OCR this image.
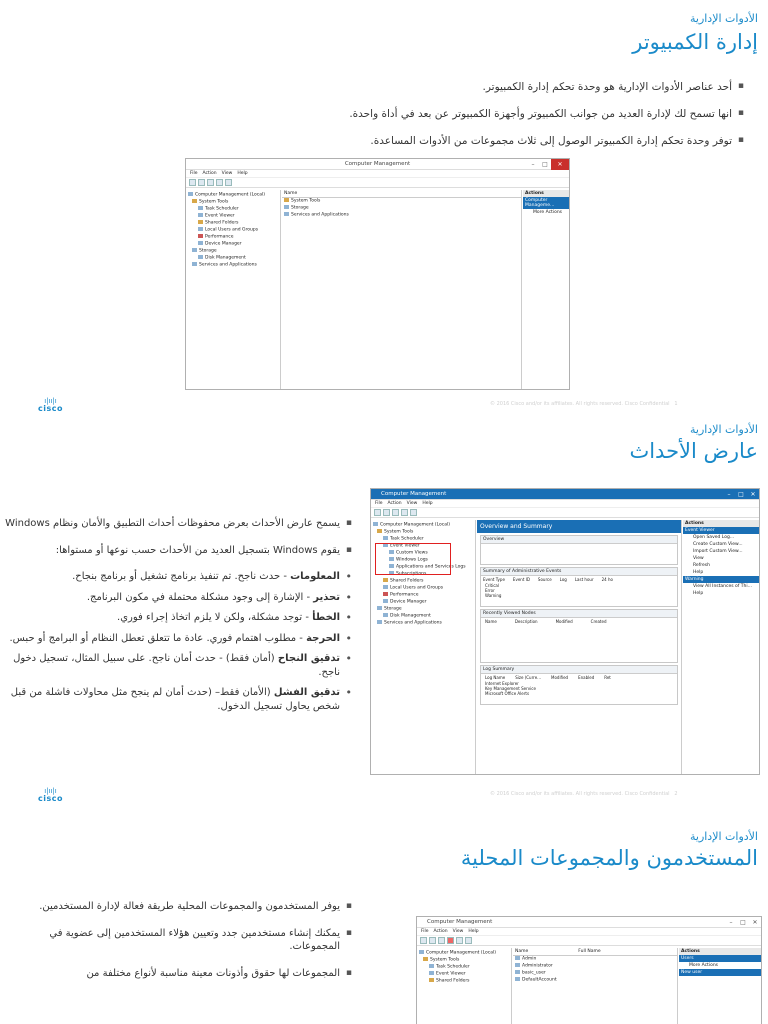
الأدوات الإدارية
إدارة الكمبيوتر
▪ أحد عناصر الأدوات الإدارية هو وحدة تحكم إدارة الكمبيوتر.
▪ انها تسمح لك لإدارة العديد من جوانب الكمبيوتر وأجهزة الكمبيوتر عن بعد في أداة واحدة.
▪ توفر وحدة تحكم إدارة الكمبيوتر الوصول إلى ثلاث مجموعات من الأدوات المساعدة.
Computer Management	–	□	✕
File Action View Help
Computer Management (Local)
System Tools
Task Scheduler
Event Viewer
Shared Folders
Local Users and Groups
Performance
Device Manager
Storage
Disk Management
Services and Applications
Name
System Tools
Storage
Services and Applications
Actions
Computer Manageme...
More Actions
ı|ıı|ı
cisco	© 2016 Cisco and/or its affiliates. All rights reserved. Cisco Confidential 1
الأدوات الإدارية
عارض الأحداث
▪ يسمح عارض الأحداث بعرض محفوظات أحداث التطبيق والأمان ونظام Windows
▪ يقوم Windows بتسجيل العديد من الأحداث حسب نوعها أو مستواها:
• المعلومات - حدث ناجح. تم تنفيذ برنامج تشغيل أو برنامج بنجاح.
• تحذير - الإشارة إلى وجود مشكلة محتملة في مكون البرنامج.
• الخطأ - توجد مشكلة، ولكن لا يلزم اتخاذ إجراء فوري.
• الحرجة - مطلوب اهتمام فوري. عادة ما تتعلق تعطل النظام أو البرامج أو حبس.
• تدقيق النجاح (أمان فقط) - حدث أمان ناجح. على سبيل المثال، تسجيل دخول ناجح.
• تدقيق الفشل (الأمان فقط– (حدث أمان لم ينجح مثل محاولات فاشلة من قبل شخص يحاول تسجيل الدخول.
Computer Management	–	□	✕
File Action View Help
Computer Management (Local)
System Tools
Task Scheduler
Event Viewer
Custom Views
Windows Logs
Applications and Services Logs
Subscriptions
Shared Folders
Local Users and Groups
Performance
Device Manager
Storage
Disk Management
Services and Applications
Overview and Summary
Overview
Summary of Administrative Events
Event Type Event ID Source Log Last hour 24 ho
Critical
Error
Warning
Recently Viewed Nodes
Name	Description	Modified	Created
Log Summary
Log Name	Size (Curre...	Modified	Enabled	Ret
Internet Explorer
Key Management Service
Microsoft Office Alerts
Actions
Event Viewer
Open Saved Log...
Create Custom View...
Import Custom View...
View
Refresh
Help
Warning
View All Instances of Thi...
Help
ı|ıı|ı
cisco	© 2016 Cisco and/or its affiliates. All rights reserved. Cisco Confidential 2
الأدوات الإدارية
المستخدمون والمجموعات المحلية
▪ يوفر المستخدمون والمجموعات المحلية طريقة فعالة لإدارة المستخدمين.
▪ يمكنك إنشاء مستخدمين جدد وتعيين هؤلاء المستخدمين إلى عضوية في المجموعات.
▪ المجموعات لها حقوق وأذونات معينة مناسبة لأنواع مختلفة من
Computer Management	–	□	✕
File Action View Help
Computer Management (Local)
System Tools
Task Scheduler
Event Viewer
Shared Folders
Name	Full Name
Admin
Administrator
basic_user
DefaultAccount
Actions
Users
More Actions
New user
